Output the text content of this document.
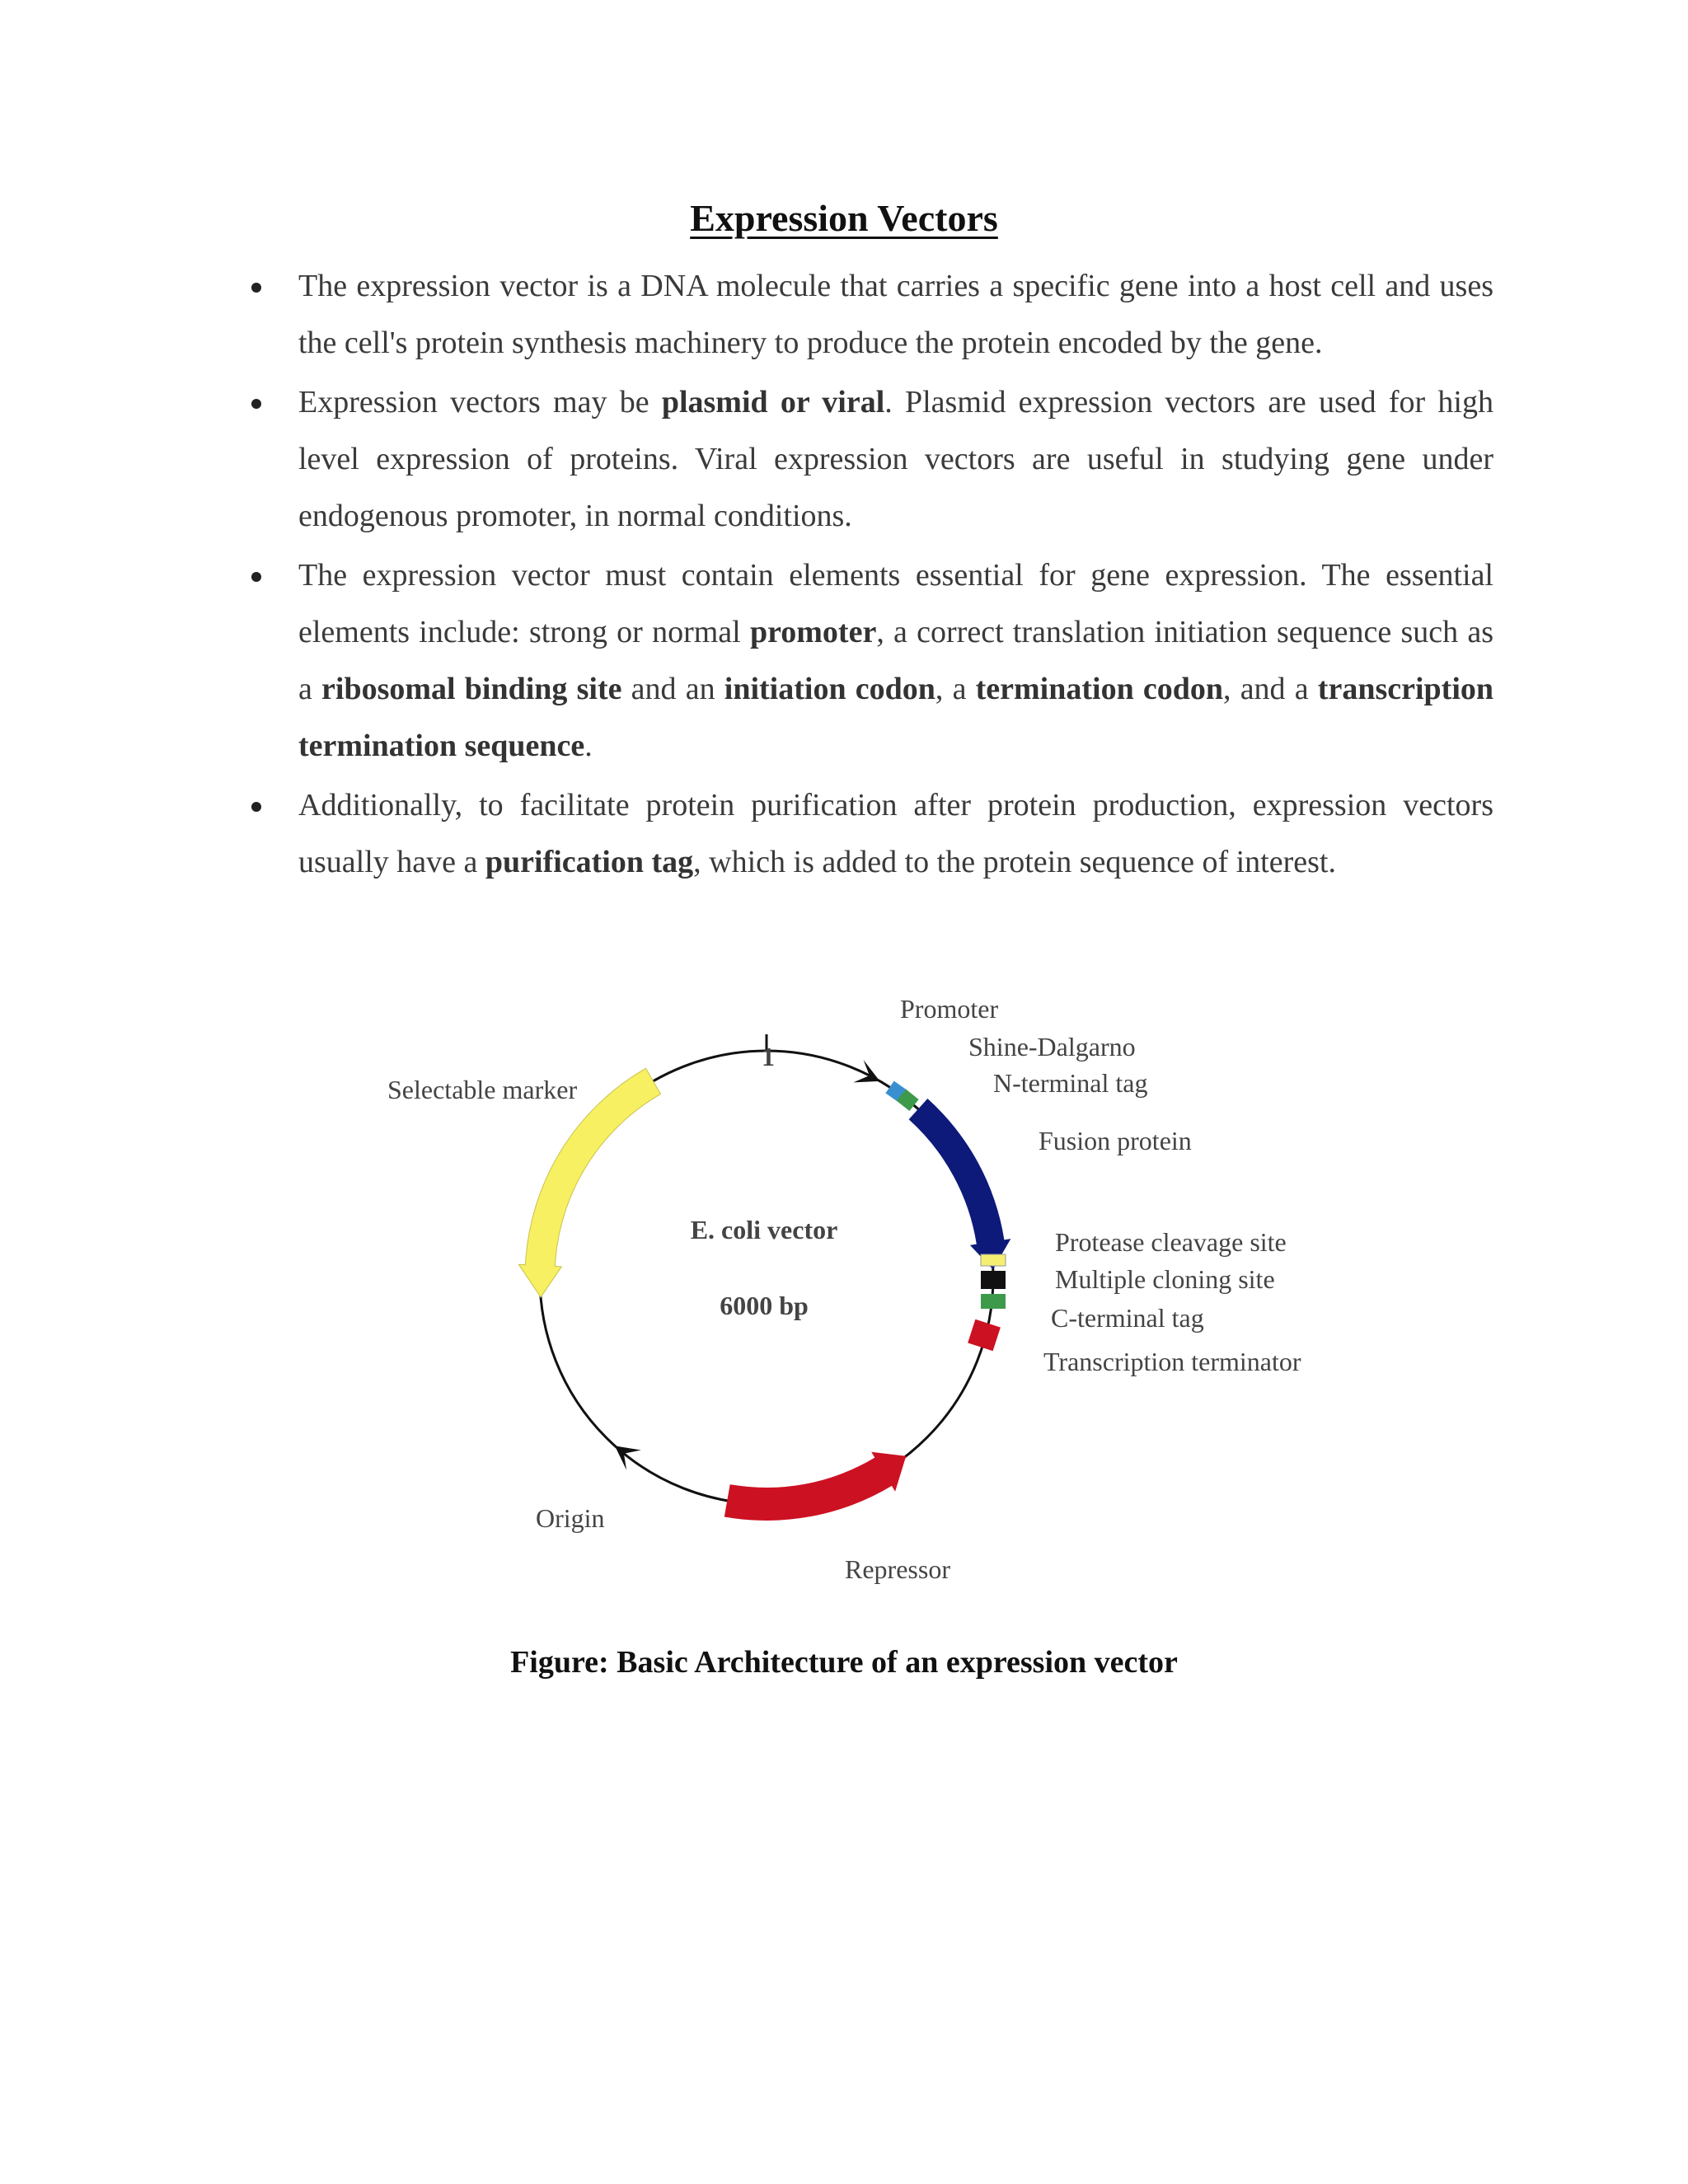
Expression Vectors
The expression vector is a DNA molecule that carries a specific gene into a host cell and uses the cell's protein synthesis machinery to produce the protein encoded by the gene.
Expression vectors may be plasmid or viral. Plasmid expression vectors are used for high level expression of proteins. Viral expression vectors are useful in studying gene under endogenous promoter, in normal conditions.
The expression vector must contain elements essential for gene expression. The essential elements include: strong or normal promoter, a correct translation initiation sequence such as a ribosomal binding site and an initiation codon, a termination codon, and a transcription termination sequence.
Additionally, to facilitate protein purification after protein production, expression vectors usually have a purification tag, which is added to the protein sequence of interest.
1
E. coli vector
6000 bp
Promoter
Shine-Dalgarno
N-terminal tag
Fusion protein
Protease cleavage site
Multiple cloning site
C-terminal tag
Transcription terminator
Repressor
Origin
Selectable marker
Figure: Basic Architecture of an expression vector
